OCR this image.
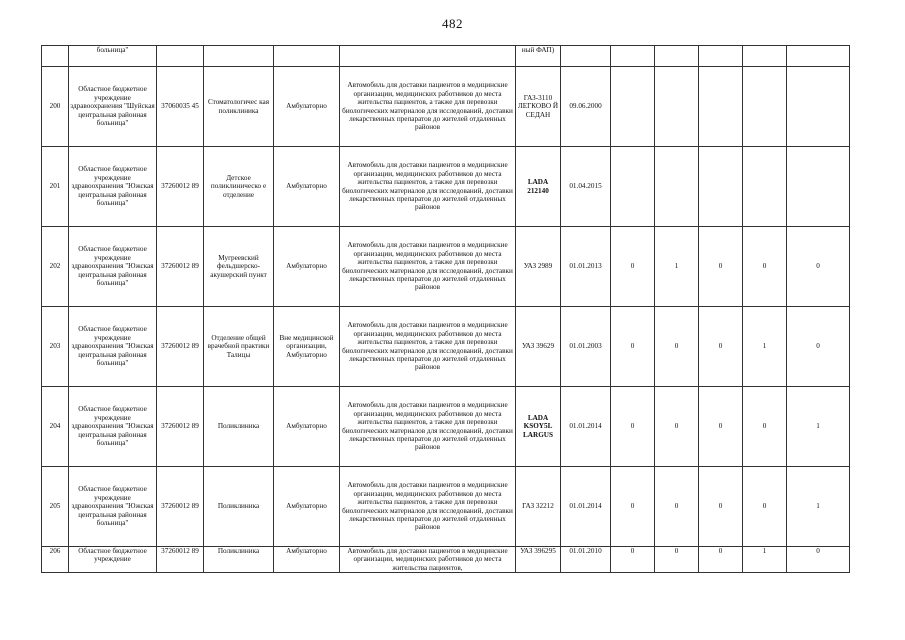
482
	больница"					ный ФАП)						
200	Областное бюджетное учреждение здравоохранения "Шуйская центральная районная больница"	37060035 45	Стоматологичес кая поликлиника	Амбулаторно	Автомобиль для доставки пациентов в медицинские организации, медицинских работников до места жительства пациентов, а также для перевозки биологических материалов для исследований, доставки лекарственных препаратов до жителей отдаленных районов	ГАЗ-3110 ЛЕГКОВО Й СЕДАН	09.06.2000					
201	Областное бюджетное учреждение здравоохранения "Южская центральная районная больница"	37260012 89	Детское поликлиническо е отделение	Амбулаторно	Автомобиль для доставки пациентов в медицинские организации, медицинских работников до места жительства пациентов, а также для перевозки биологических материалов для исследований, доставки лекарственных препаратов до жителей отдаленных районов	LADA 212140	01.04.2015					
202	Областное бюджетное учреждение здравоохранения "Южская центральная районная больница"	37260012 89	Мугреевский фельдшерско-акушерский пункт	Амбулаторно	Автомобиль для доставки пациентов в медицинские организации, медицинских работников до места жительства пациентов, а также для перевозки биологических материалов для исследований, доставки лекарственных препаратов до жителей отдаленных районов	УАЗ 2989	01.01.2013	0	1	0	0	0
203	Областное бюджетное учреждение здравоохранения "Южская центральная районная больница"	37260012 89	Отделение общей врачебной практики Талицы	Вне медицинской организации, Амбулаторно	Автомобиль для доставки пациентов в медицинские организации, медицинских работников до места жительства пациентов, а также для перевозки биологических материалов для исследований, доставки лекарственных препаратов до жителей отдаленных районов	УАЗ 39629	01.01.2003	0	0	0	1	0
204	Областное бюджетное учреждение здравоохранения "Южская центральная районная больница"	37260012 89	Поликлиника	Амбулаторно	Автомобиль для доставки пациентов в медицинские организации, медицинских работников до места жительства пациентов, а также для перевозки биологических материалов для исследований, доставки лекарственных препаратов до жителей отдаленных районов	LADA KSOY5L LARGUS	01.01.2014	0	0	0	0	1
205	Областное бюджетное учреждение здравоохранения "Южская центральная районная больница"	37260012 89	Поликлиника	Амбулаторно	Автомобиль для доставки пациентов в медицинские организации, медицинских работников до места жительства пациентов, а также для перевозки биологических материалов для исследований, доставки лекарственных препаратов до жителей отдаленных районов	ГАЗ 32212	01.01.2014	0	0	0	0	1
206	Областное бюджетное учреждение	37260012 89	Поликлиника	Амбулаторно	Автомобиль для доставки пациентов в медицинские организации, медицинских работников до места жительства пациентов,	УАЗ 396295	01.01.2010	0	0	0	1	0
